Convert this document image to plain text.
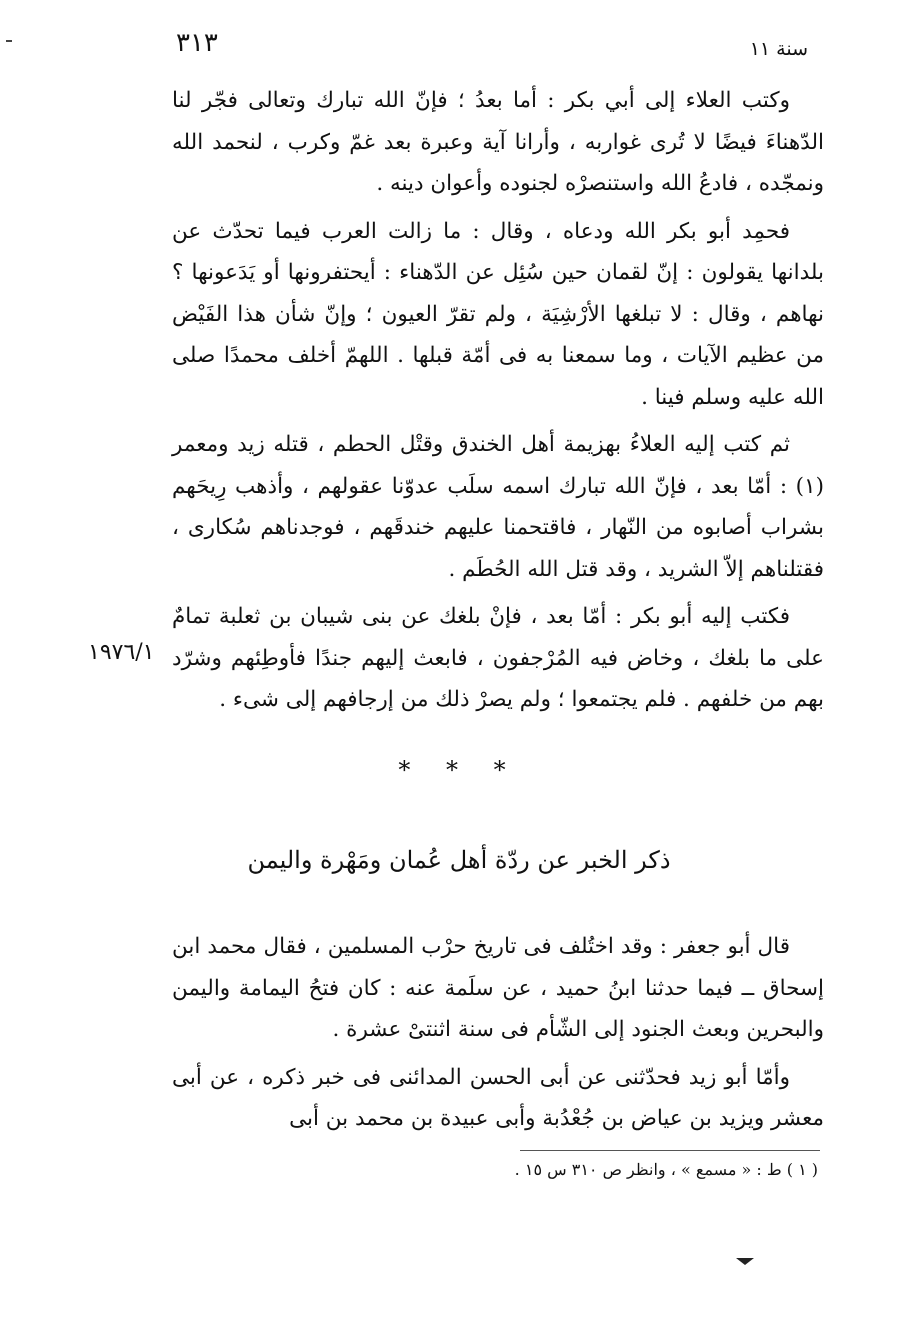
٣١٣	سنة ١١

وكتب العلاء إلى أبي بكر : أما بعدُ ؛ فإنّ الله تبارك وتعالى فجّر لنا الدّهناءَ فيضًا لا تُرى غواربه ، وأرانا آية وعبرة بعد غمّ وكرب ، لنحمد الله ونمجّده ، فادعُ الله واستنصرْه لجنوده وأعوان دينه .

فحمِد أبو بكر الله ودعاه ، وقال : ما زالت العرب فيما تحدّث عن بلدانها يقولون : إنّ لقمان حين سُئِل عن الدّهناء : أيحتفرونها أو يَدَعونها ؟ نهاهم ، وقال : لا تبلغها الأرْشِيَة ، ولم تقرّ العيون ؛ وإنّ شأن هذا الفَيْض من عظيم الآيات ، وما سمعنا به فى أمّة قبلها . اللهمّ أخلف محمدًا صلى الله عليه وسلم فينا .

ثم كتب إليه العلاءُ بهزيمة أهل الخندق وقتْل الحطم ، قتله زيد ومعمر (١) : أمّا بعد ، فإنّ الله تبارك اسمه سلَب عدوّنا عقولهم ، وأذهب رِيحَهم بشراب أصابوه من النّهار ، فاقتحمنا عليهم خندقَهم ، فوجدناهم سُكارى ، فقتلناهم إلاّ الشريد ، وقد قتل الله الحُطَم .

فكتب إليه أبو بكر : أمّا بعد ، فإنْ بلغك عن بنى شيبان بن ثعلبة تمامٌ على ما بلغك ، وخاض فيه المُرْجفون ، فابعث إليهم جندًا فأوطِئهم وشرّد بهم من خلفهم . فلم يجتمعوا ؛ ولم يصرْ ذلك من إرجافهم إلى شىء .

١٩٧٦/١
* * *
ذكر الخبر عن ردّة أهل عُمان ومَهْرة واليمن

قال أبو جعفر : وقد اختُلف فى تاريخ حرْب المسلمين ، فقال محمد ابن إسحاق ــ فيما حدثنا ابنُ حميد ، عن سلَمة عنه : كان فتحُ اليمامة واليمن والبحرين وبعث الجنود إلى الشّأم فى سنة اثنتىْ عشرة .

وأمّا أبو زيد فحدّثنى عن أبى الحسن المدائنى فى خبر ذكره ، عن أبى معشر ويزيد بن عياض بن جُعْدُبة وأبى عبيدة بن محمد بن أبى

( ١ ) ط : « مسمع » ، وانظر ص ٣١٠ س ١٥ .
